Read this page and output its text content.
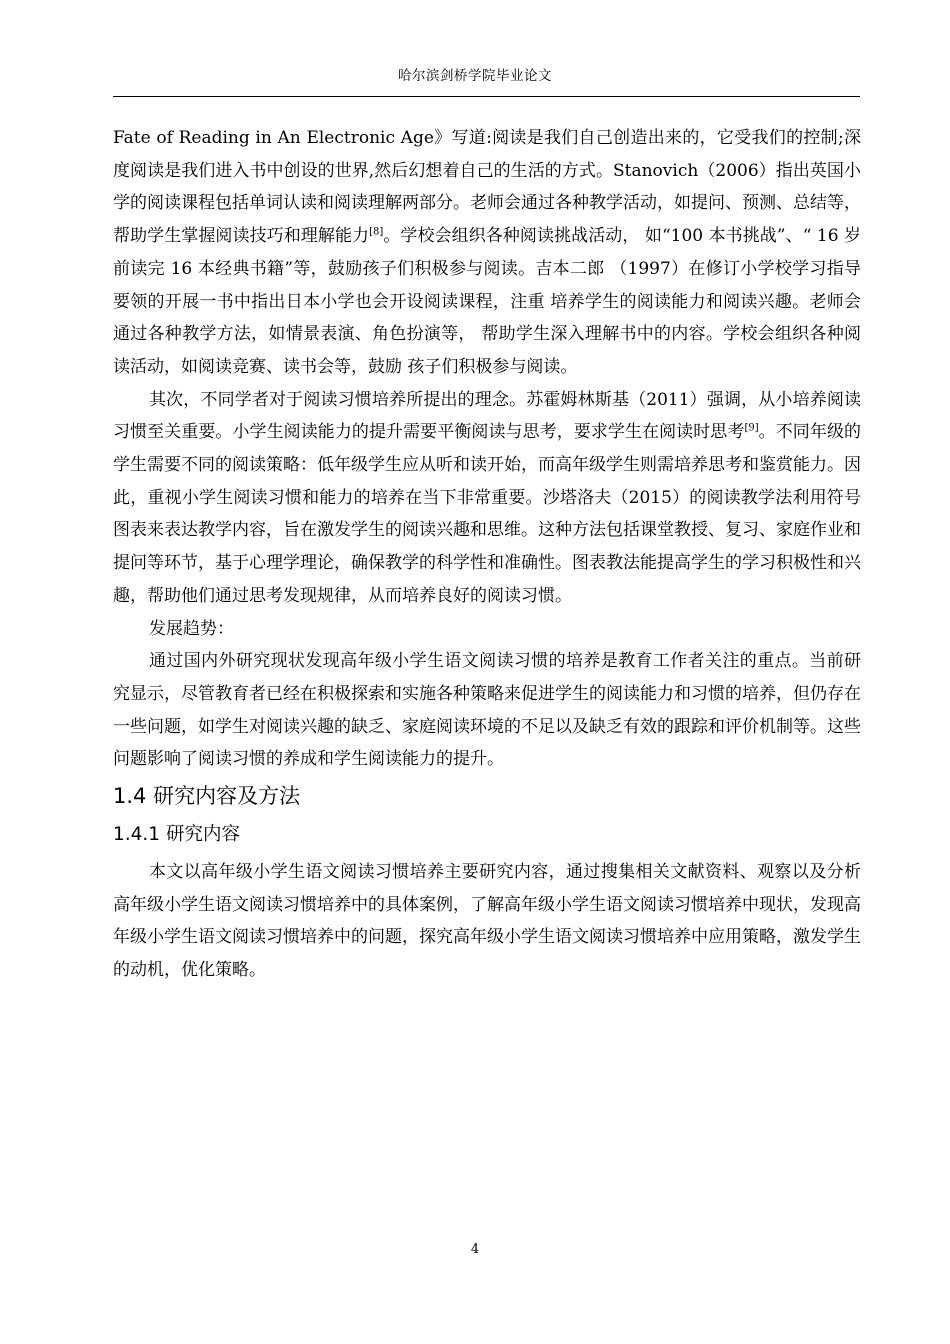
哈尔滨剑桥学院毕业论文

Fate of Reading in An Electronic Age》写道:阅读是我们自己创造出来的，它受我们的控制;深度阅读是我们进入书中创设的世界,然后幻想着自己的生活的方式。Stanovich（2006）指出英国小学的阅读课程包括单词认读和阅读理解两部分。老师会通过各种教学活动，如提问、预测、总结等，帮助学生掌握阅读技巧和理解能力[8]。学校会组织各种阅读挑战活动， 如“100 本书挑战”、“ 16 岁前读完 16 本经典书籍”等，鼓励孩子们积极参与阅读。吉本二郎 （1997）在修订小学校学习指导要领的开展一书中指出日本小学也会开设阅读课程，注重 培养学生的阅读能力和阅读兴趣。老师会通过各种教学方法，如情景表演、角色扮演等， 帮助学生深入理解书中的内容。学校会组织各种阅读活动，如阅读竞赛、读书会等，鼓励 孩子们积极参与阅读。

其次，不同学者对于阅读习惯培养所提出的理念。苏霍姆林斯基（2011）强调，从小培养阅读习惯至关重要。小学生阅读能力的提升需要平衡阅读与思考，要求学生在阅读时思考[9]。不同年级的学生需要不同的阅读策略：低年级学生应从听和读开始，而高年级学生则需培养思考和鉴赏能力。因此，重视小学生阅读习惯和能力的培养在当下非常重要。沙塔洛夫（2015）的阅读教学法利用符号图表来表达教学内容，旨在激发学生的阅读兴趣和思维。这种方法包括课堂教授、复习、家庭作业和提问等环节，基于心理学理论，确保教学的科学性和准确性。图表教法能提高学生的学习积极性和兴趣，帮助他们通过思考发现规律，从而培养良好的阅读习惯。

发展趋势：

通过国内外研究现状发现高年级小学生语文阅读习惯的培养是教育工作者关注的重点。当前研究显示，尽管教育者已经在积极探索和实施各种策略来促进学生的阅读能力和习惯的培养，但仍存在一些问题，如学生对阅读兴趣的缺乏、家庭阅读环境的不足以及缺乏有效的跟踪和评价机制等。这些问题影响了阅读习惯的养成和学生阅读能力的提升。

1.4 研究内容及方法
1.4.1 研究内容

本文以高年级小学生语文阅读习惯培养主要研究内容，通过搜集相关文献资料、观察以及分析高年级小学生语文阅读习惯培养中的具体案例，了解高年级小学生语文阅读习惯培养中现状，发现高年级小学生语文阅读习惯培养中的问题，探究高年级小学生语文阅读习惯培养中应用策略，激发学生的动机，优化策略。

4
